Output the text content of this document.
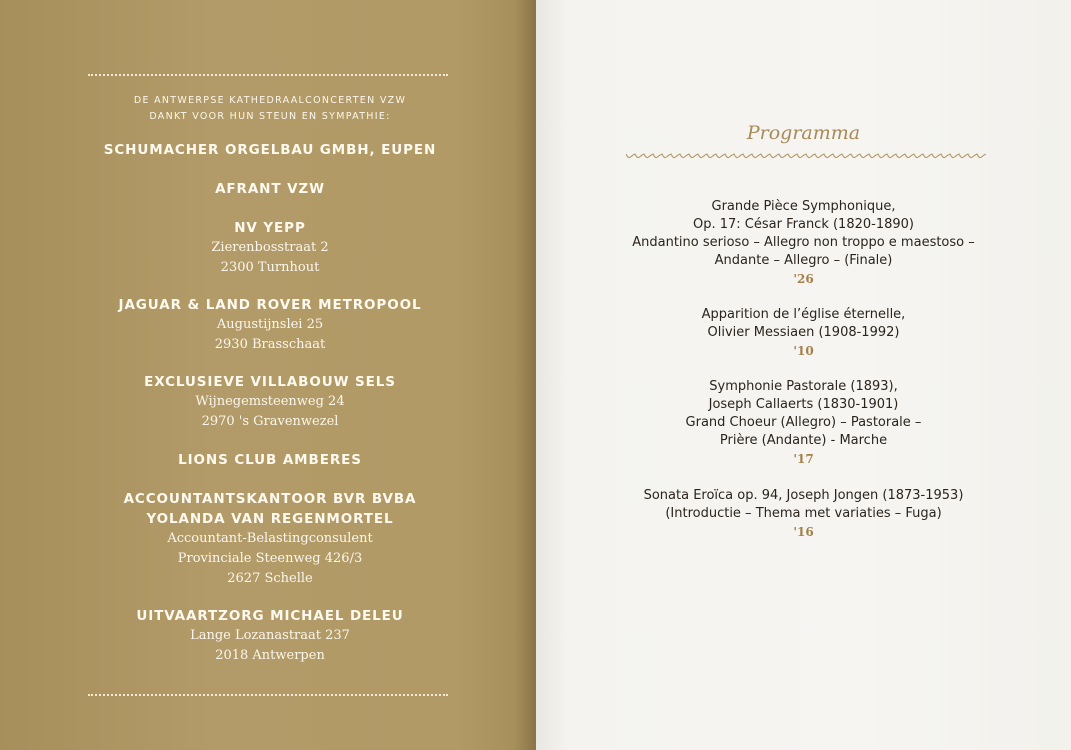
DE ANTWERPSE KATHEDRAALCONCERTEN VZW
DANKT VOOR HUN STEUN EN SYMPATHIE:
SCHUMACHER ORGELBAU GMBH, EUPEN
AFRANT VZW
NV YEPP
Zierenbosstraat 2
2300 Turnhout
JAGUAR & LAND ROVER METROPOOL
Augustijnslei 25
2930 Brasschaat
EXCLUSIEVE VILLABOUW SELS
Wijnegemsteenweg 24
2970 's Gravenwezel
LIONS CLUB AMBERES
ACCOUNTANTSKANTOOR BVR BVBA
YOLANDA VAN REGENMORTEL
Accountant-Belastingconsulent
Provinciale Steenweg 426/3
2627 Schelle
UITVAARTZORG MICHAEL DELEU
Lange Lozanastraat 237
2018 Antwerpen
Programma
Grande Pièce Symphonique,
Op. 17: César Franck (1820-1890)
Andantino serioso – Allegro non troppo e maestoso –
Andante – Allegro – (Finale)
'26
Apparition de l’église éternelle,
Olivier Messiaen (1908-1992)
'10
Symphonie Pastorale (1893),
Joseph Callaerts (1830-1901)
Grand Choeur (Allegro) – Pastorale –
Prière (Andante) - Marche
'17
Sonata Eroïca op. 94, Joseph Jongen (1873-1953)
(Introductie – Thema met variaties – Fuga)
'16
